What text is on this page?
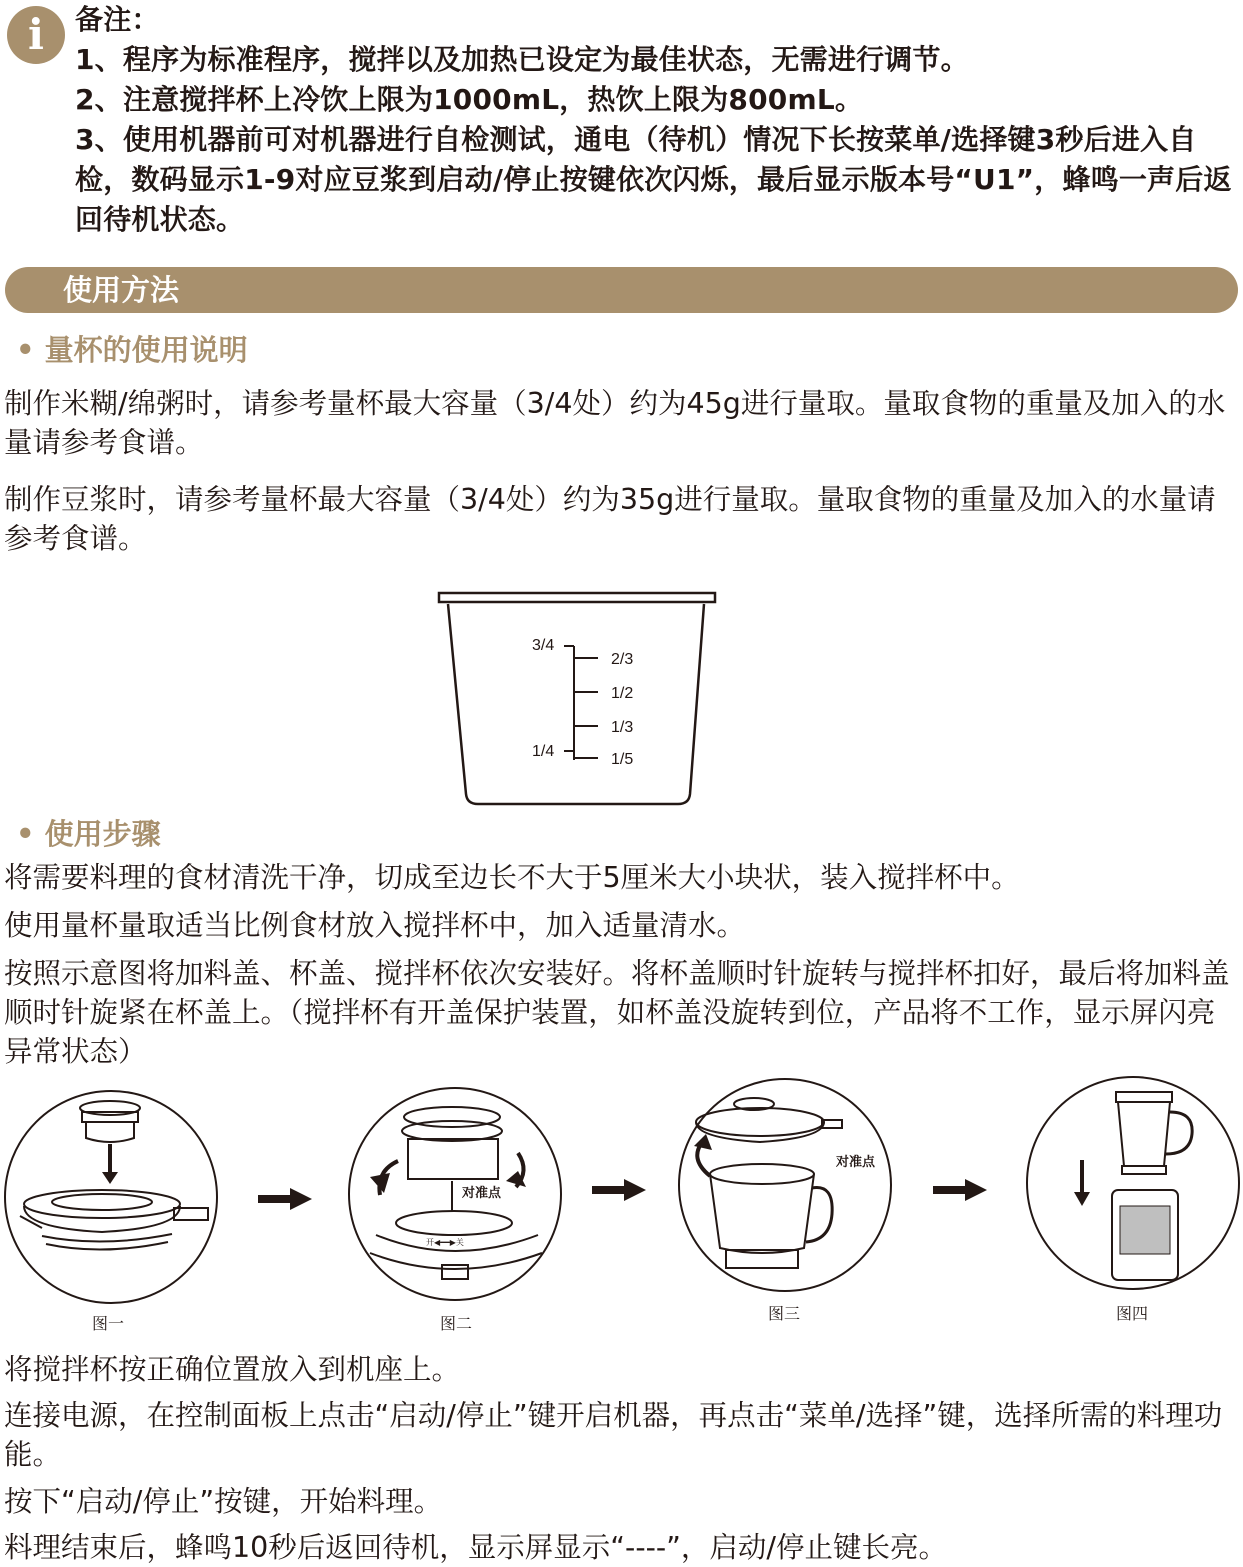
i	备注：

1、程序为标准程序，搅拌以及加热已设定为最佳状态，无需进行调节。

2、注意搅拌杯上冷饮上限为1000mL，热饮上限为800mL。

3、使用机器前可对机器进行自检测试，通电（待机）情况下长按菜单/选择键3秒后进入自检，数码显示1-9对应豆浆到启动/停止按键依次闪烁，最后显示版本号“U1”，蜂鸣一声后返回待机状态。

使用方法
• 量杯的使用说明

制作米糊/绵粥时，请参考量杯最大容量（3/4处）约为45g进行量取。量取食物的重量及加入的水量请参考食谱。

制作豆浆时，请参考量杯最大容量（3/4处）约为35g进行量取。量取食物的重量及加入的水量请参考食谱。

3/4
1/4
2/3
1/2
1/3
1/5
• 使用步骤

将需要料理的食材清洗干净，切成至边长不大于5厘米大小块状，装入搅拌杯中。

使用量杯量取适当比例食材放入搅拌杯中，加入适量清水。

按照示意图将加料盖、杯盖、搅拌杯依次安装好。将杯盖顺时针旋转与搅拌杯扣好，最后将加料盖顺时针旋紧在杯盖上。（搅拌杯有开盖保护装置，如杯盖没旋转到位，产品将不工作，显示屏闪亮异常状态）

图一
对准点
开◀━━▶关
图二
对准点
图三	图四

将搅拌杯按正确位置放入到机座上。

连接电源，在控制面板上点击“启动/停止”键开启机器，再点击“菜单/选择”键，选择所需的料理功能。

按下“启动/停止”按键，开始料理。

料理结束后，蜂鸣10秒后返回待机，显示屏显示“----”，启动/停止键长亮。
